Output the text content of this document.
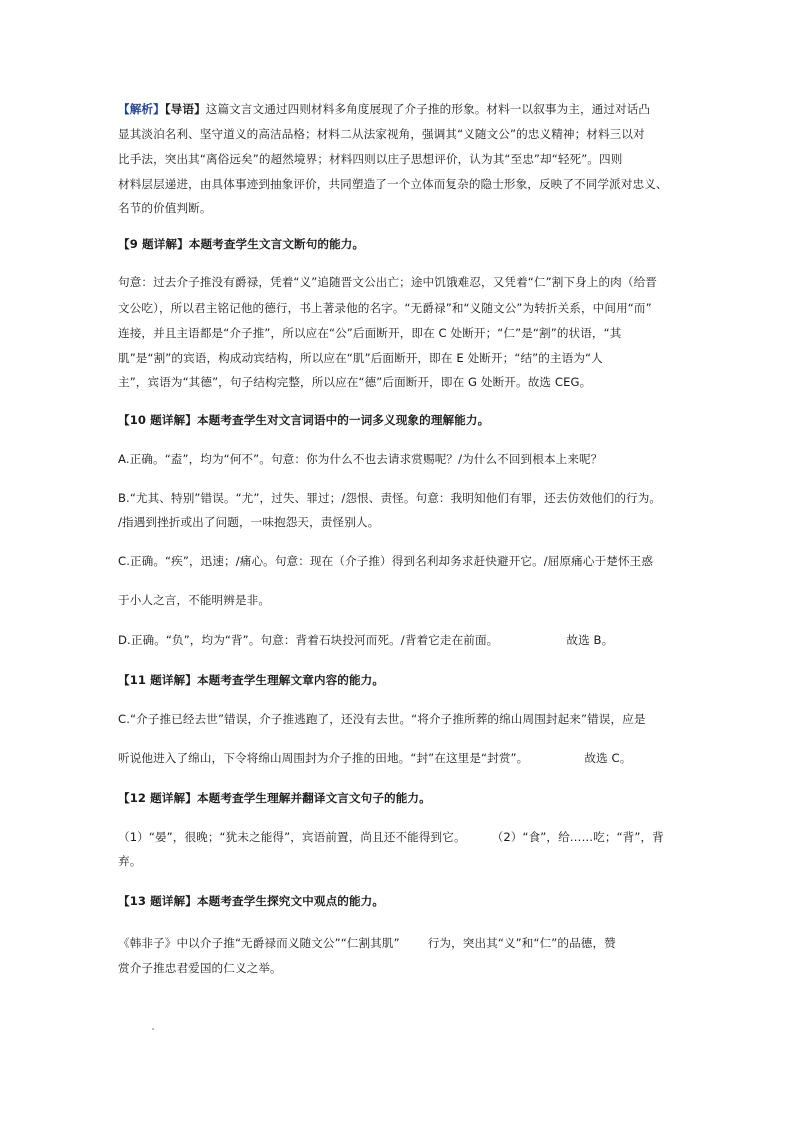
【解析】【导语】这篇文言文通过四则材料多角度展现了介子推的形象。材料一以叙事为主，通过对话凸
显其淡泊名利、坚守道义的高洁品格；材料二从法家视角，强调其“义随文公”的忠义精神；材料三以对
比手法，突出其“离俗远矣”的超然境界；材料四则以庄子思想评价，认为其“至忠”却“轻死”。四则
材料层层递进，由具体事迹到抽象评价，共同塑造了一个立体而复杂的隐士形象，反映了不同学派对忠义、
名节的价值判断。
【9 题详解】本题考查学生文言文断句的能力。
句意：过去介子推没有爵禄，凭着“义”追随晋文公出亡；途中饥饿难忍，又凭着“仁”割下身上的肉（给晋
文公吃），所以君主铭记他的德行，书上著录他的名字。“无爵禄”和“义随文公”为转折关系，中间用“而”
连接，并且主语都是“介子推”，所以应在“公”后面断开，即在 C 处断开；“仁”是“割”的状语，“其
肌”是“割”的宾语，构成动宾结构，所以应在“肌”后面断开，即在 E 处断开；“结”的主语为“人
主”，宾语为“其德”，句子结构完整，所以应在“德”后面断开，即在 G 处断开。故选 CEG。
【10 题详解】本题考查学生对文言词语中的一词多义现象的理解能力。
A.正确。“盍”，均为“何不”。句意：你为什么不也去请求赏赐呢？/为什么不回到根本上来呢？
B.“尤其、特别”错误。“尤”，过失、罪过；/怨恨、责怪。句意：我明知他们有罪，还去仿效他们的行为。
/指遇到挫折或出了问题，一味抱怨天，责怪别人。
C.正确。“疾”，迅速；/痛心。句意：现在（介子推）得到名利却务求赶快避开它。/屈原痛心于楚怀王惑
于小人之言，不能明辨是非。
D.正确。“负”，均为“背”。句意：背着石块投河而死。/背着它走在前面。	故选 B。
【11 题详解】本题考查学生理解文章内容的能力。
C.“介子推已经去世”错误，介子推逃跑了，还没有去世。“将介子推所葬的绵山周围封起来”错误，应是
听说他进入了绵山，下令将绵山周围封为介子推的田地。“封”在这里是“封赏”。	故选 C。
【12 题详解】本题考查学生理解并翻译文言文句子的能力。
（1）“晏”，很晚；“犹未之能得”，宾语前置，尚且还不能得到它。 （2）“食”，给……吃；“背”，背
弃。
【13 题详解】本题考查学生探究文中观点的能力。
《韩非子》中以介子推“无爵禄而义随文公”“仁割其肌” 行为，突出其“义”和“仁”的品德，赞
赏介子推忠君爱国的仁义之举。
